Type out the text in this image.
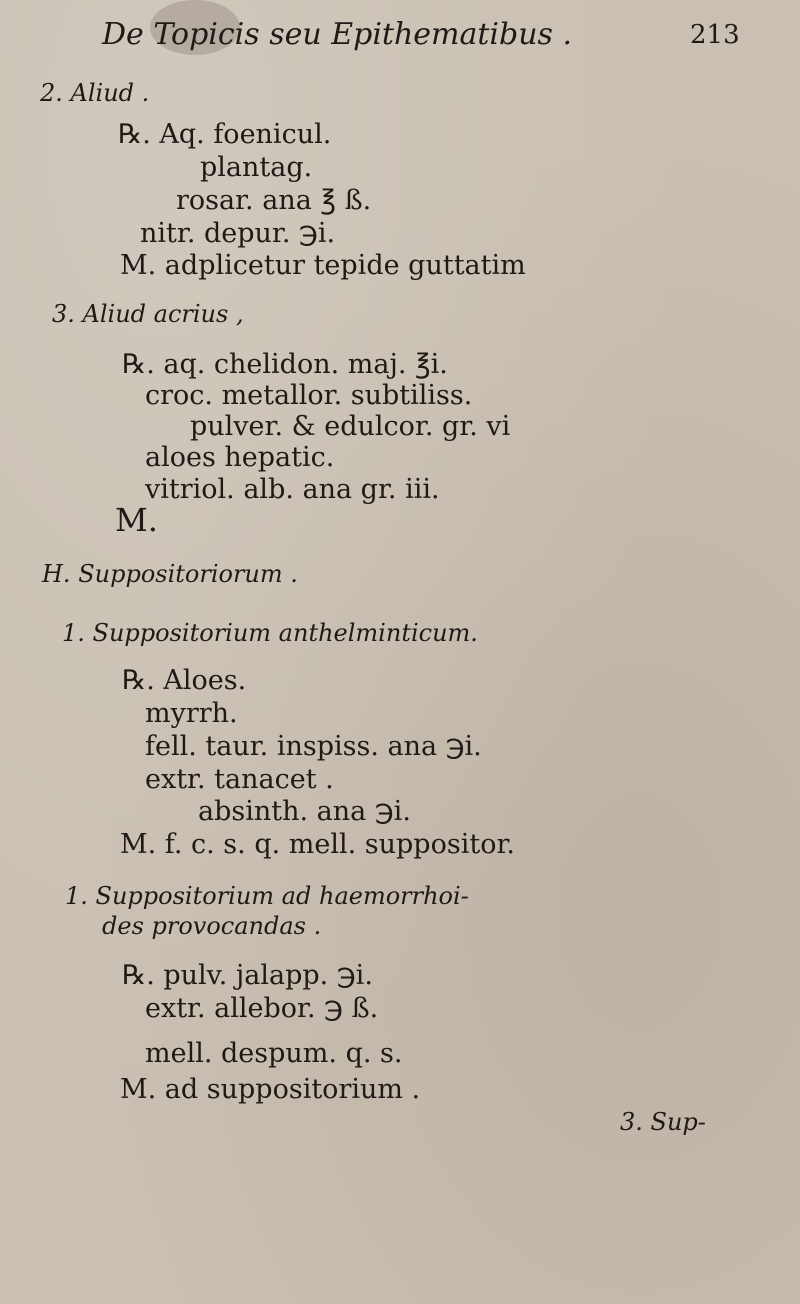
De Topicis seu Epithematibus .	213
2. Aliud .
℞. Aq. foenicul.
plantag.
rosar. ana ℥ ß.
nitr. depur. ℈i.
M. adplicetur tepide guttatim
3. Aliud acrius ,
℞. aq. chelidon. maj. ℥i.
croc. metallor. subtiliss.
pulver. & edulcor. gr. vi
aloes hepatic.
vitriol. alb. ana gr. iii.
M.
H. Suppositoriorum .
1. Suppositorium anthelminticum.
℞. Aloes.
myrrh.
fell. taur. inspiss. ana ℈i.
extr. tanacet .
absinth. ana ℈i.
M. f. c. s. q. mell. suppositor.
1. Suppositorium ad haemorrhoi-
des provocandas .
℞. pulv. jalapp. ℈i.
extr. allebor. ℈ ß.
mell. despum. q. s.
M. ad suppositorium .
3. Sup-
